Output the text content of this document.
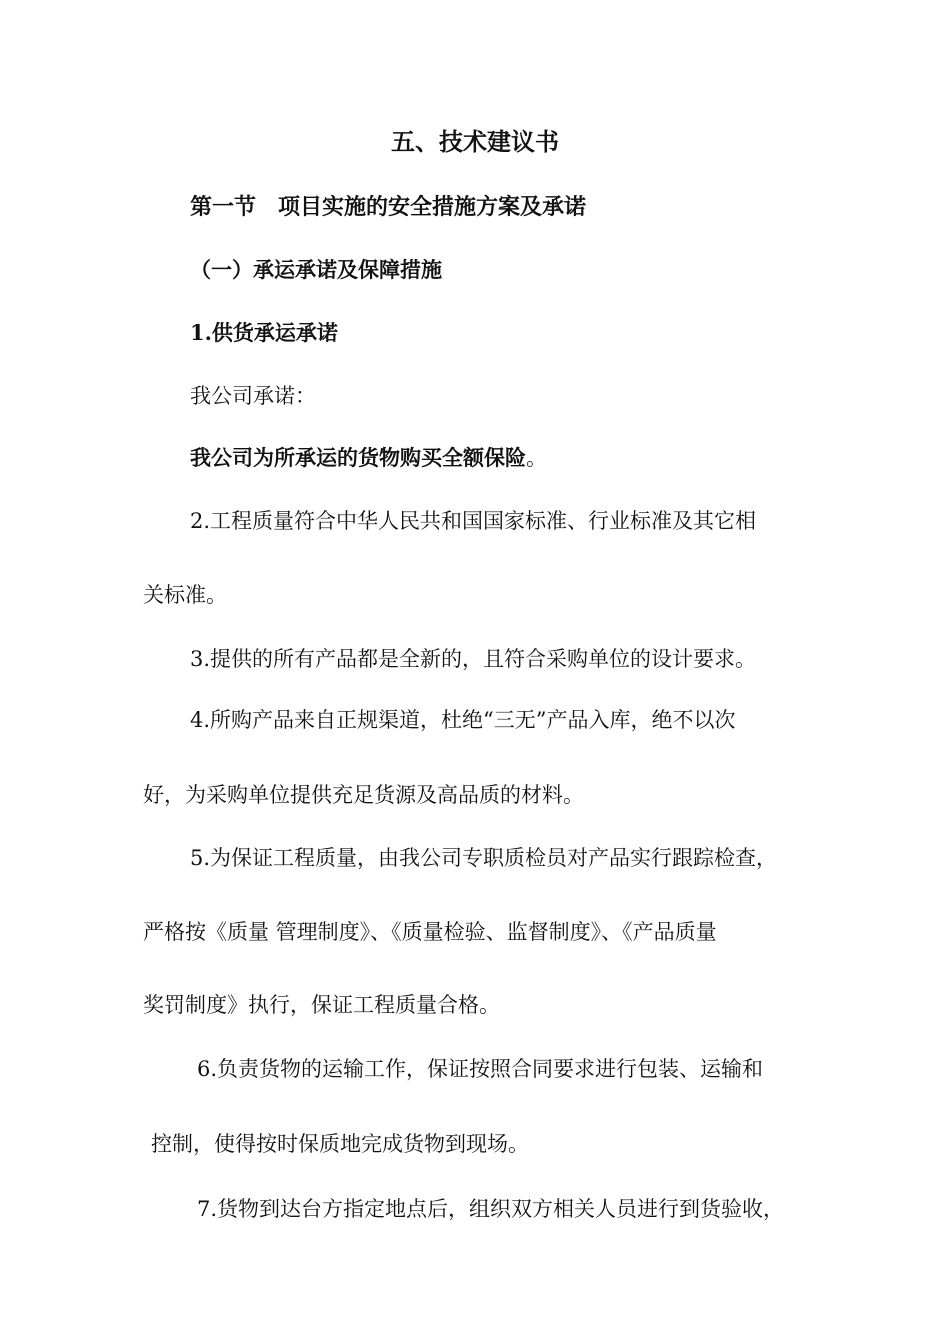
五、技术建议书
第一节　项目实施的安全措施方案及承诺
（一）承运承诺及保障措施
1.供货承运承诺
我公司承诺：
我公司为所承运的货物购买全额保险。
2.工程质量符合中华人民共和国国家标准、行业标准及其它相
关标准。
3.提供的所有产品都是全新的，且符合采购单位的设计要求。
4.所购产品来自正规渠道，杜绝“三无”产品入库，绝不以次
好，为采购单位提供充足货源及高品质的材料。
5.为保证工程质量，由我公司专职质检员对产品实行跟踪检查，
严格按《质量 管理制度》、《质量检验、监督制度》、《产品质量
奖罚制度》执行，保证工程质量合格。
6.负责货物的运输工作，保证按照合同要求进行包装、运输和
控制，使得按时保质地完成货物到现场。
7.货物到达台方指定地点后，组织双方相关人员进行到货验收，
